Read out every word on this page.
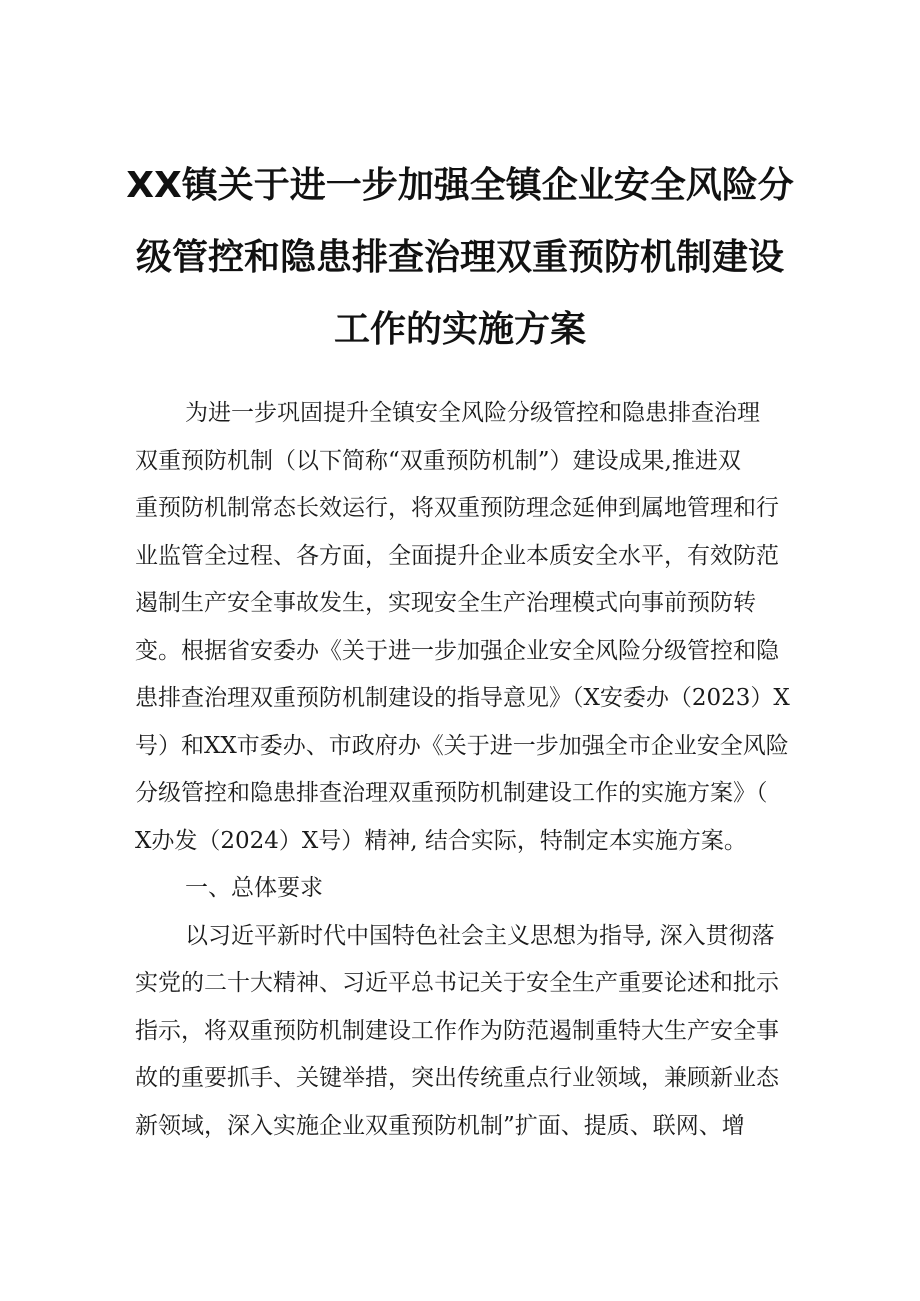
XX镇关于进一步加强全镇企业安全风险分
级管控和隐患排查治理双重预防机制建设
工作的实施方案
为进一步巩固提升全镇安全风险分级管控和隐患排查治理
双重预防机制（以下简称“双重预防机制”）建设成果,推进双
重预防机制常态长效运行，将双重预防理念延伸到属地管理和行
业监管全过程、各方面，全面提升企业本质安全水平，有效防范
遏制生产安全事故发生，实现安全生产治理模式向事前预防转
变。根据省安委办《关于进一步加强企业安全风险分级管控和隐
患排查治理双重预防机制建设的指导意见》（X安委办（2023）X
号）和XX市委办、市政府办《关于进一步加强全市企业安全风险
分级管控和隐患排查治理双重预防机制建设工作的实施方案》（
X办发（2024）X号）精神, 结合实际，特制定本实施方案。
一、总体要求
以习近平新时代中国特色社会主义思想为指导, 深入贯彻落
实党的二十大精神、习近平总书记关于安全生产重要论述和批示
指示，将双重预防机制建设工作作为防范遏制重特大生产安全事
故的重要抓手、关键举措，突出传统重点行业领域，兼顾新业态
新领域，深入实施企业双重预防机制”扩面、提质、联网、增
